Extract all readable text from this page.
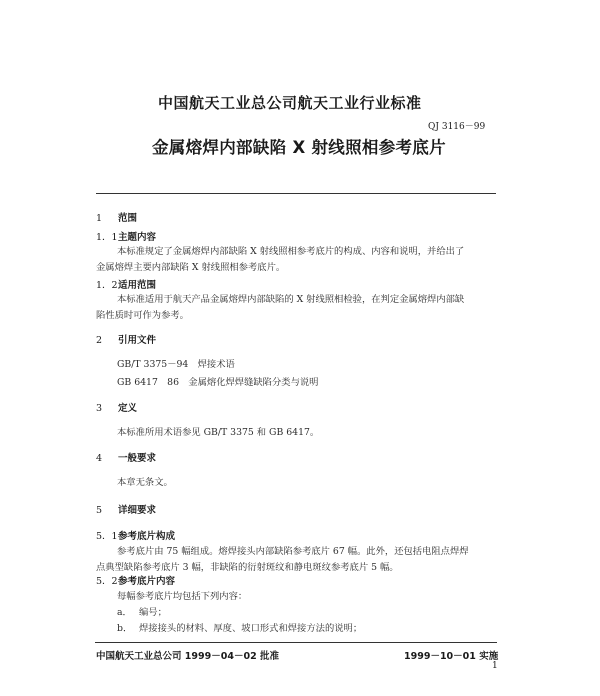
中国航天工业总公司航天工业行业标准
QJ 3116－99
金属熔焊内部缺陷 X 射线照相参考底片
1 范围
1．1主题内容
本标准规定了金属熔焊内部缺陷 X 射线照相参考底片的构成、内容和说明，并给出了
金属熔焊主要内部缺陷 X 射线照相参考底片。
1．2适用范围
本标准适用于航天产品金属熔焊内部缺陷的 X 射线照相检验，在判定金属熔焊内部缺
陷性质时可作为参考。
2 引用文件
GB/T 3375－94　焊接术语
GB 6417　86　金属熔化焊焊缝缺陷分类与说明
3 定义
本标准所用术语参见 GB/T 3375 和 GB 6417。
4 一般要求
本章无条文。
5 详细要求
5．1参考底片构成
参考底片由 75 幅组成。熔焊接头内部缺陷参考底片 67 幅。此外，还包括电阻点焊焊
点典型缺陷参考底片 3 幅，非缺陷的衍射斑纹和静电斑纹参考底片 5 幅。
5．2参考底片内容
每幅参考底片均包括下列内容：
a． 编号；
b． 焊接接头的材料、厚度、坡口形式和焊接方法的说明；
中国航天工业总公司 1999－04－02 批准	1999－10－01 实施
1
